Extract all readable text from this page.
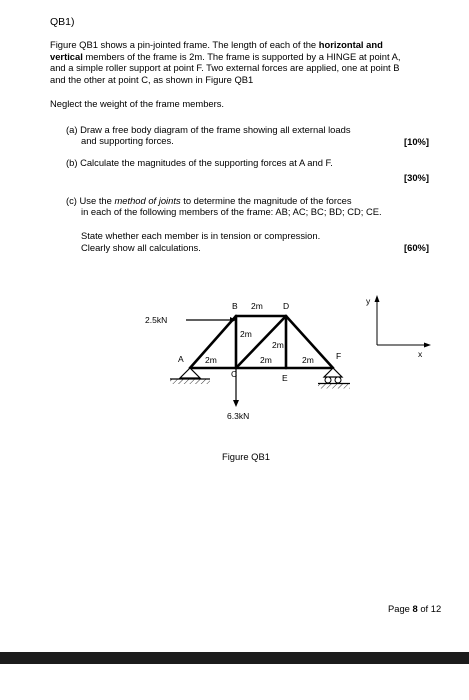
QB1)
Figure QB1 shows a pin-jointed frame. The length of each of the horizontal and
vertical members of the frame is 2m. The frame is supported by a HINGE at point A,
and a simple roller support at point F. Two external forces are applied, one at point B
and the other at point C, as shown in Figure QB1
Neglect the weight of the frame members.
(a) Draw a free body diagram of the frame showing all external loads
and supporting forces.	[10%]
(b) Calculate the magnitudes of the supporting forces at A and F.
[30%]
(c) Use the method of joints to determine the magnitude of the forces
in each of the following members of the frame: AB; AC; BC; BD; CD; CE.
State whether each member is in tension or compression.
Clearly show all calculations.	[60%]
B 2m D
2.5kN
2m
2m
A	2m	2m	2m	F
C	E
6.3kN
y
x
Figure QB1
Page 8 of 12
